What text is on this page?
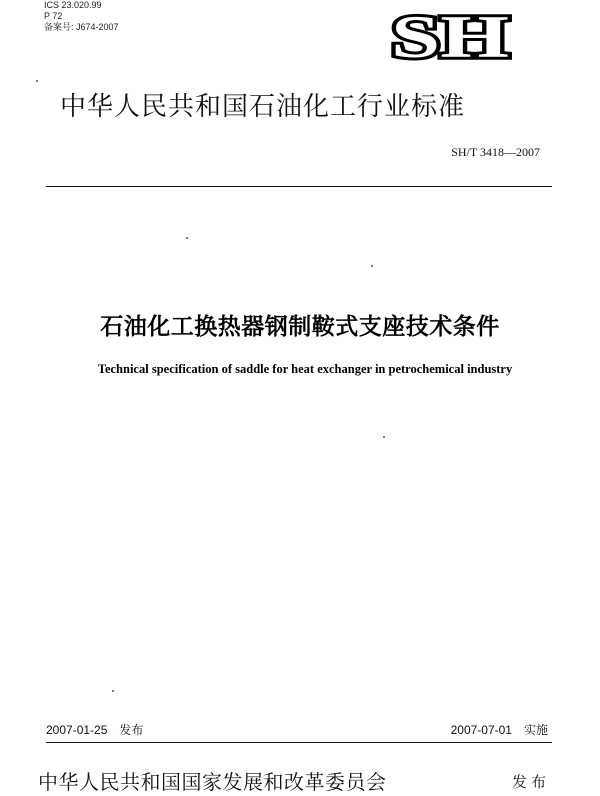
ICS 23.020.99
P 72
备案号: J674-2007	SH
中华人民共和国石油化工行业标准
SH/T 3418—2007
石油化工换热器钢制鞍式支座技术条件
Technical specification of saddle for heat exchanger in petrochemical industry
2007-01-25 发布	2007-07-01 实施
中华人民共和国国家发展和改革委员会	发布
